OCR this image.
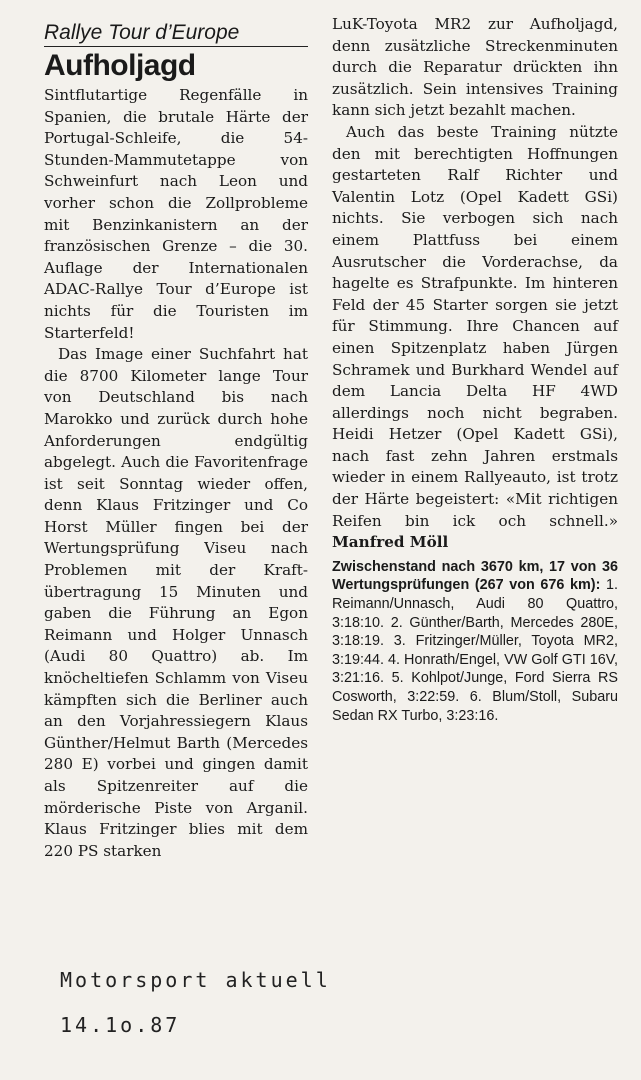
Rallye Tour d’Europe
Aufholjagd

Sintflutartige Regenfälle in Spanien, die brutale Härte der Portugal-Schleife, die 54-Stunden-Mammutetappe von Schweinfurt nach Leon und vorher schon die Zollprobleme mit Benzinkanistern an der französischen Grenze – die 30. Auflage der Internationalen ADAC-Rallye Tour d’Europe ist nichts für die Touristen im Starterfeld!

Das Image einer Suchfahrt hat die 8700 Kilometer lange Tour von Deutschland bis nach Marokko und zurück durch hohe Anforderungen endgültig abgelegt. Auch die Favoritenfrage ist seit Sonntag wieder offen, denn Klaus Fritzinger und Co Horst Müller fingen bei der Wertungsprüfung Viseu nach Problemen mit der Kraftübertragung 15 Minuten und gaben die Führung an Egon Reimann und Holger Unnasch (Audi 80 Quattro) ab. Im knöcheltiefen Schlamm von Viseu kämpften sich die Berliner auch an den Vorjahressiegern Klaus Günther/Helmut Barth (Mercedes 280 E) vorbei und gingen damit als Spitzenreiter auf die mörderische Piste von Arganil. Klaus Fritzinger blies mit dem 220 PS starken

LuK-Toyota MR2 zur Aufholjagd, denn zusätzliche Streckenminuten durch die Reparatur drückten ihn zusätzlich. Sein intensives Training kann sich jetzt bezahlt machen.

Auch das beste Training nützte den mit berechtigten Hoffnungen gestarteten Ralf Richter und Valentin Lotz (Opel Kadett GSi) nichts. Sie verbogen sich nach einem Plattfuss bei einem Ausrutscher die Vorderachse, da hagelte es Strafpunkte. Im hinteren Feld der 45 Starter sorgen sie jetzt für Stimmung. Ihre Chancen auf einen Spitzenplatz haben Jürgen Schramek und Burkhard Wendel auf dem Lancia Delta HF 4WD allerdings noch nicht begraben. Heidi Hetzer (Opel Kadett GSi), nach fast zehn Jahren erstmals wieder in einem Rallyeauto, ist trotz der Härte begeistert: «Mit richtigen Reifen bin ick och schnell.» Manfred Möll

Zwischenstand nach 3670 km, 17 von 36 Wertungsprüfungen (267 von 676 km): 1. Reimann/Unnasch, Audi 80 Quattro, 3:18:10. 2. Günther/Barth, Mercedes 280E, 3:18:19. 3. Fritzinger/Müller, Toyota MR2, 3:19:44. 4. Honrath/Engel, VW Golf GTI 16V, 3:21:16. 5. Kohlpot/Junge, Ford Sierra RS Cosworth, 3:22:59. 6. Blum/Stoll, Subaru Sedan RX Turbo, 3:23:16.
Motorsport aktuell
14.1o.87
